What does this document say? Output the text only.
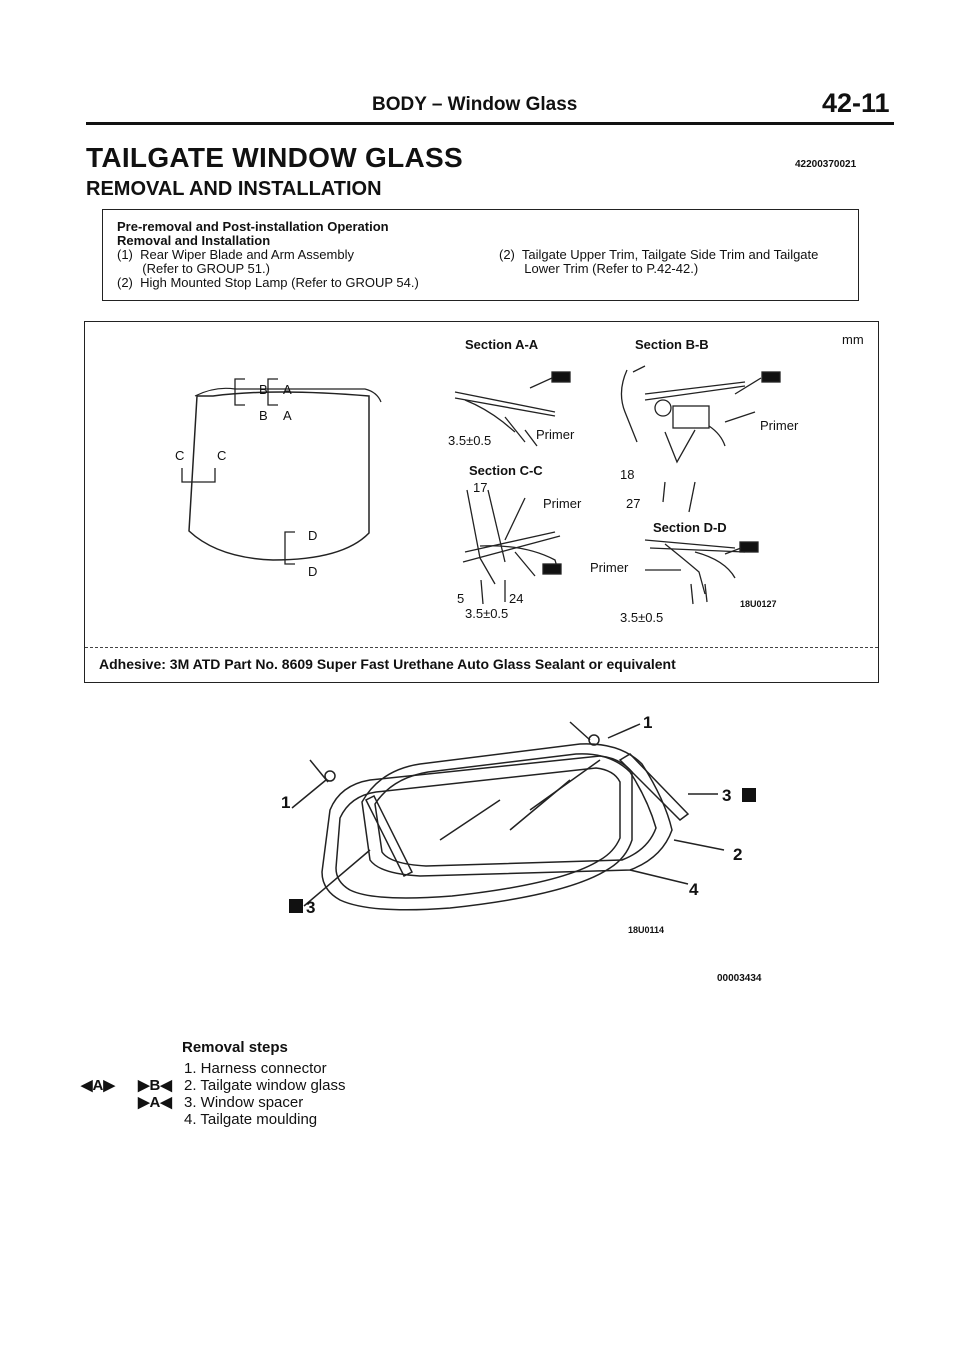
BODY – Window Glass	42-11
TAILGATE WINDOW GLASS	42200370021
REMOVAL AND INSTALLATION
Pre-removal and Post-installation Operation
Removal and Installation
(1)  Rear Wiper Blade and Arm Assembly
(Refer to GROUP 51.)
(2)  High Mounted Stop Lamp (Refer to GROUP 54.)
(2)  Tailgate Upper Trim, Tailgate Side Trim and Tailgate
Lower Trim (Refer to P.42-42.)
Section A-A	Section B-B	mm
B
B
A
A
C	C
D
D
3.5±0.5	Primer
Primer
Section C-C
17
Primer
18
27
Section D-D
Primer
5	24
3.5±0.5	3.5±0.5
18U0127
Adhesive: 3M ATD Part No. 8609 Super Fast Urethane Auto Glass Sealant or equivalent
1
1	3
2
4
3
18U0114
00003434
Removal steps
1. Harness connector
2. Tailgate window glass
3. Window spacer
4. Tailgate moulding
◀A▶ ▶B◀
▶A◀
